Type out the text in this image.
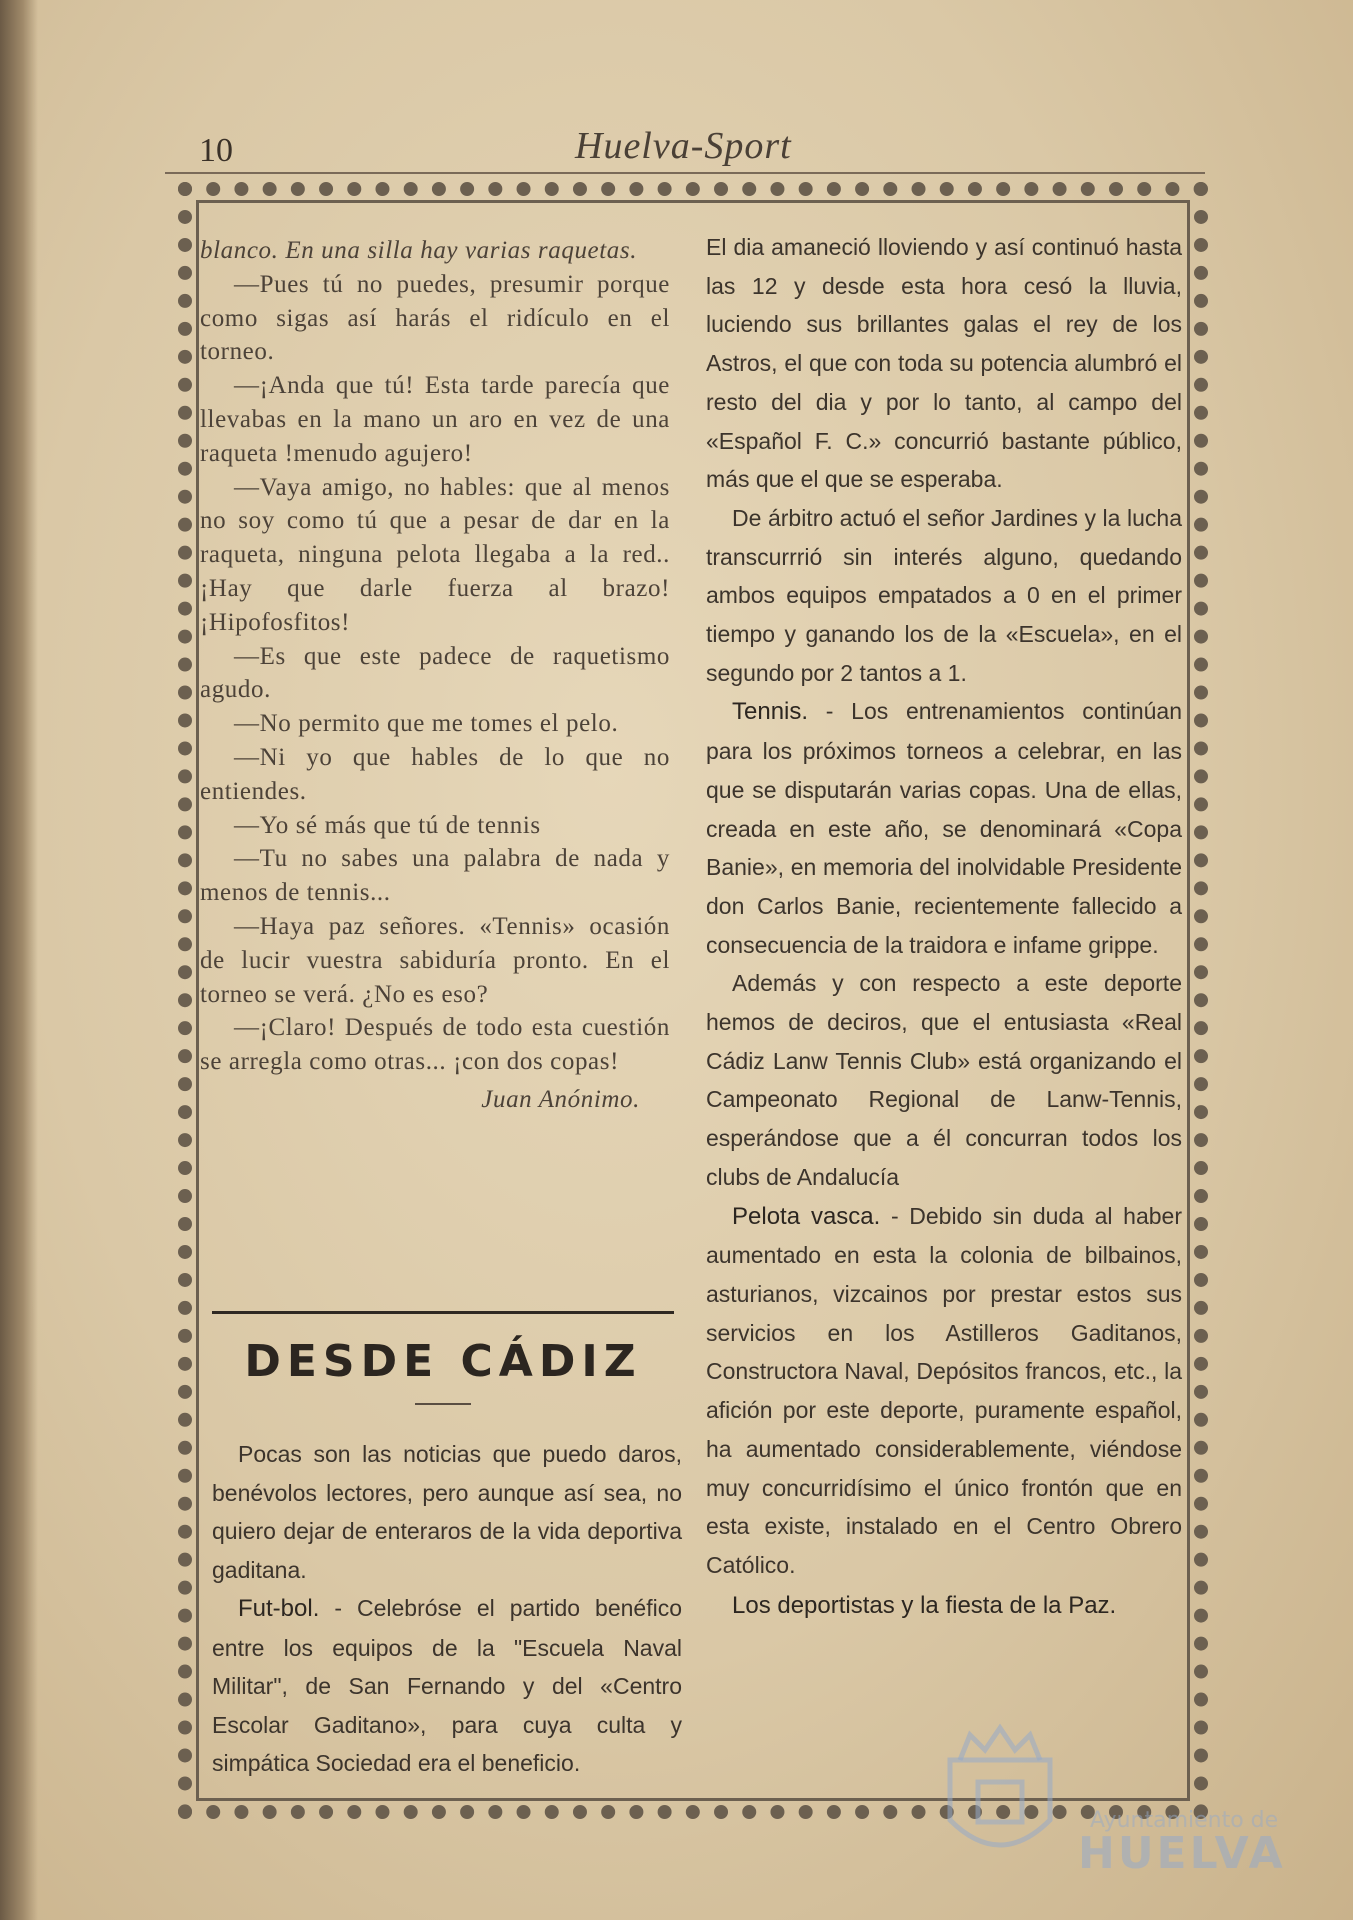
10	Huelva-Sport

blanco. En una silla hay varias raquetas.

—Pues tú no puedes, presumir porque como sigas así harás el ridículo en el torneo.

—¡Anda que tú! Esta tarde parecía que llevabas en la mano un aro en vez de una raqueta !menudo agujero!

—Vaya amigo, no hables: que al menos no soy como tú que a pesar de dar en la raqueta, ninguna pelota llegaba a la red.. ¡Hay que darle fuerza al brazo! ¡Hipofosfitos!

—Es que este padece de raquetismo agudo.

—No permito que me tomes el pelo.

—Ni yo que hables de lo que no entiendes.

—Yo sé más que tú de tennis

—Tu no sabes una palabra de nada y menos de tennis...

—Haya paz señores. «Tennis» ocasión de lucir vuestra sabiduría pronto. En el torneo se verá. ¿No es eso?

—¡Claro! Después de todo esta cuestión se arregla como otras... ¡con dos copas!

Juan Anónimo.

DESDE CÁDIZ

Pocas son las noticias que puedo daros, benévolos lectores, pero aunque así sea, no quiero dejar de enteraros de la vida deportiva gaditana.

Fut-bol. - Celebróse el partido benéfico entre los equipos de la "Escuela Naval Militar", de San Fernando y del «Centro Escolar Gaditano», para cuya culta y simpática Sociedad era el beneficio.

El dia amaneció lloviendo y así continuó hasta las 12 y desde esta hora cesó la lluvia, luciendo sus brillantes galas el rey de los Astros, el que con toda su potencia alumbró el resto del dia y por lo tanto, al campo del «Español F. C.» concurrió bastante público, más que el que se esperaba.

De árbitro actuó el señor Jardines y la lucha transcurrrió sin interés alguno, quedando ambos equipos empatados a 0 en el primer tiempo y ganando los de la «Escuela», en el segundo por 2 tantos a 1.

Tennis. - Los entrenamientos continúan para los próximos torneos a celebrar, en las que se disputarán varias copas. Una de ellas, creada en este año, se denominará «Copa Banie», en memoria del inolvidable Presidente don Carlos Banie, recientemente fallecido a consecuencia de la traidora e infame grippe.

Además y con respecto a este deporte hemos de deciros, que el entusiasta «Real Cádiz Lanw Tennis Club» está organizando el Campeonato Regional de Lanw-Tennis, esperándose que a él concurran todos los clubs de Andalucía

Pelota vasca. - Debido sin duda al haber aumentado en esta la colonia de bilbainos, asturianos, vizcainos por prestar estos sus servicios en los Astilleros Gaditanos, Constructora Naval, Depósitos francos, etc., la afición por este deporte, puramente español, ha aumentado considerablemente, viéndose muy concurridísimo el único frontón que en esta existe, instalado en el Centro Obrero Católico.

Los deportistas y la fiesta de la Paz.

Ayuntamiento de
HUELVA
